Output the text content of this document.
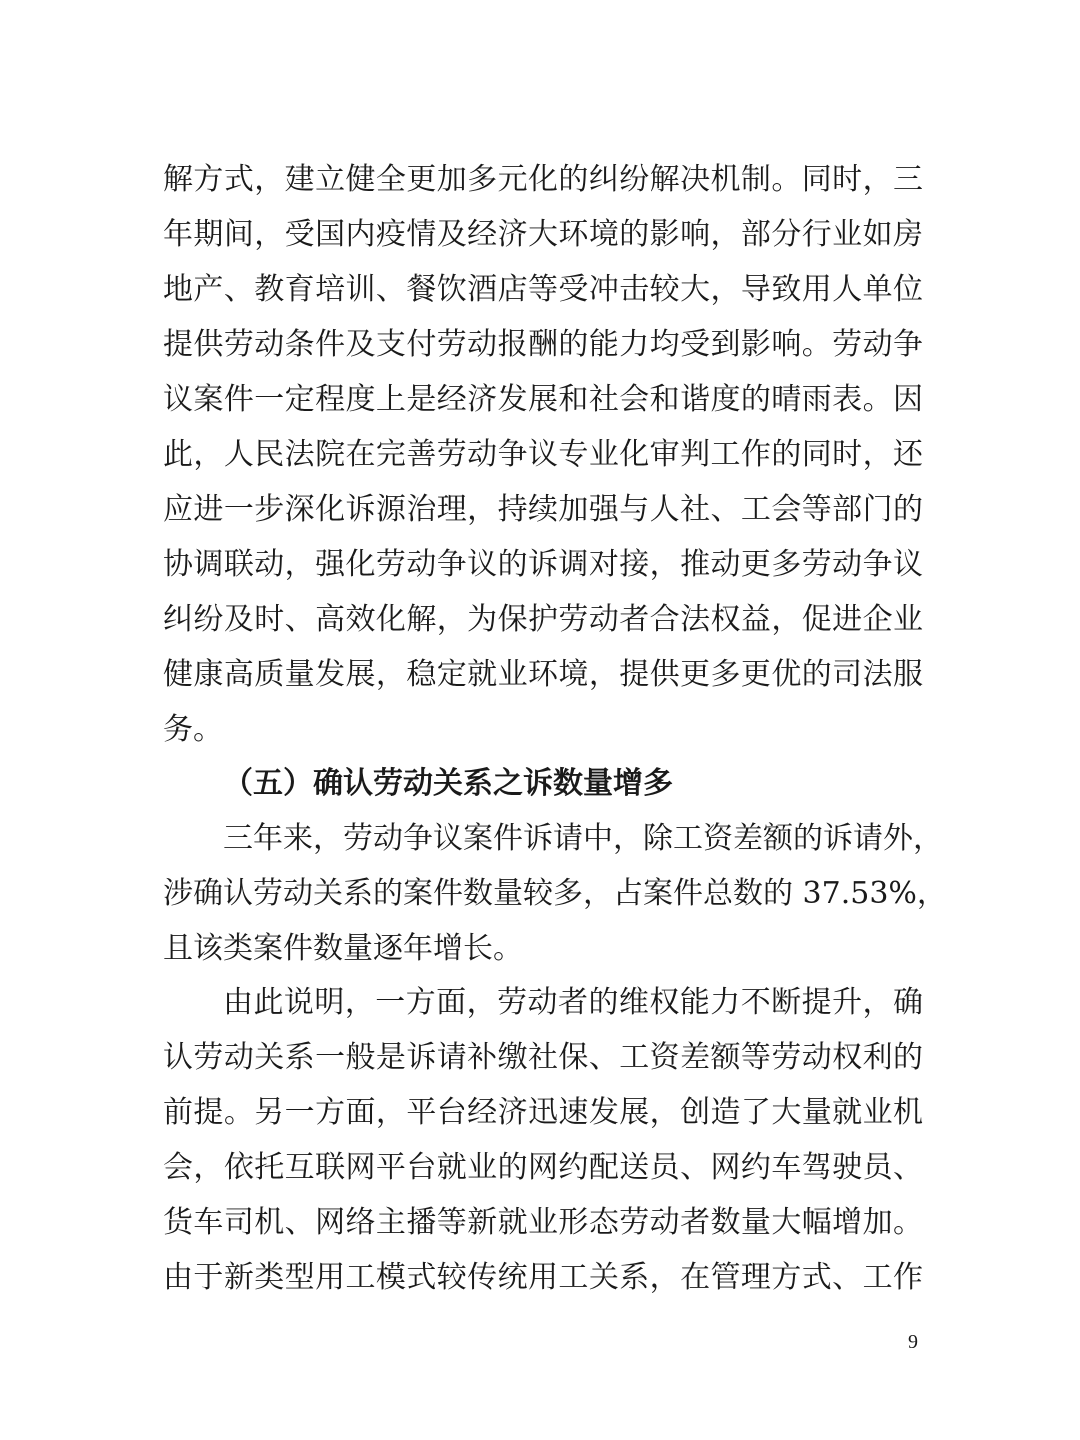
解方式，建立健全更加多元化的纠纷解决机制。同时，三
年期间，受国内疫情及经济大环境的影响，部分行业如房
地产、教育培训、餐饮酒店等受冲击较大，导致用人单位
提供劳动条件及支付劳动报酬的能力均受到影响。劳动争
议案件一定程度上是经济发展和社会和谐度的晴雨表。因
此，人民法院在完善劳动争议专业化审判工作的同时，还
应进一步深化诉源治理，持续加强与人社、工会等部门的
协调联动，强化劳动争议的诉调对接，推动更多劳动争议
纠纷及时、高效化解，为保护劳动者合法权益，促进企业
健康高质量发展，稳定就业环境，提供更多更优的司法服
务。
（五）确认劳动关系之诉数量增多
三年来，劳动争议案件诉请中，除工资差额的诉请外，
涉确认劳动关系的案件数量较多，占案件总数的 37.53%，
且该类案件数量逐年增长。
由此说明，一方面，劳动者的维权能力不断提升，确
认劳动关系一般是诉请补缴社保、工资差额等劳动权利的
前提。另一方面，平台经济迅速发展，创造了大量就业机
会，依托互联网平台就业的网约配送员、网约车驾驶员、
货车司机、网络主播等新就业形态劳动者数量大幅增加。
由于新类型用工模式较传统用工关系，在管理方式、工作
9
